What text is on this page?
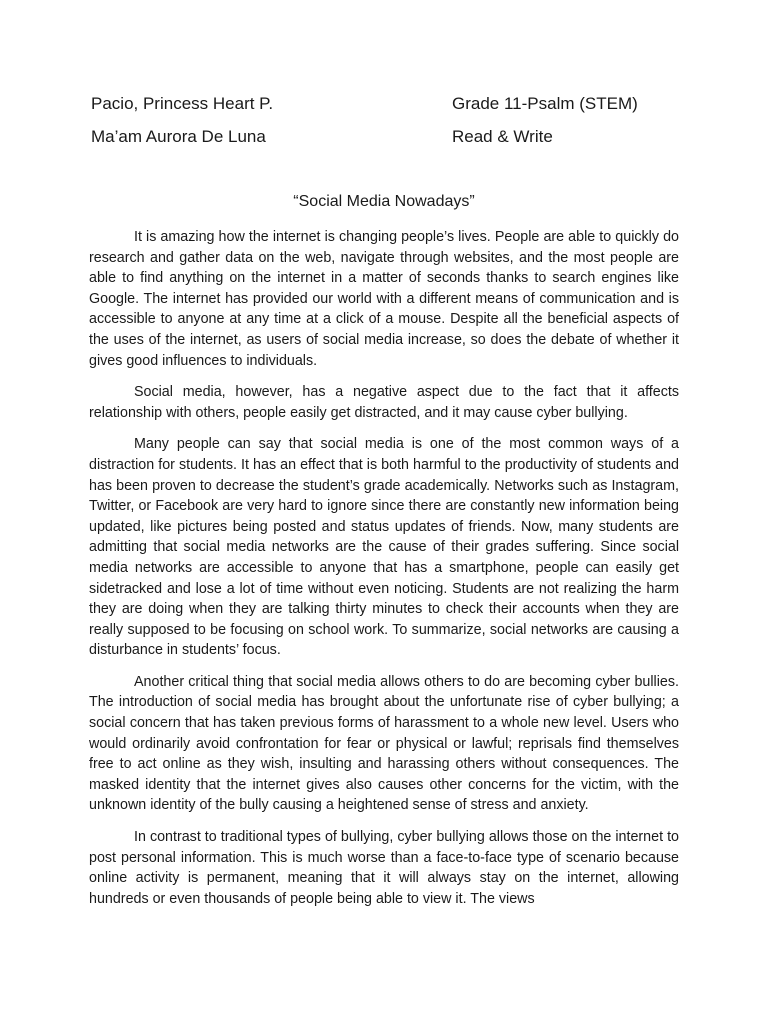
Pacio, Princess Heart P.	Grade 11-Psalm (STEM)
Ma’am Aurora De Luna	Read & Write
“Social Media Nowadays”

It is amazing how the internet is changing people’s lives. People are able to quickly do research and gather data on the web, navigate through websites, and the most people are able to find anything on the internet in a matter of seconds thanks to search engines like Google. The internet has provided our world with a different means of communication and is accessible to anyone at any time at a click of a mouse. Despite all the beneficial aspects of the uses of the internet, as users of social media increase, so does the debate of whether it gives good influences to individuals.

Social media, however, has a negative aspect due to the fact that it affects relationship with others, people easily get distracted, and it may cause cyber bullying.

Many people can say that social media is one of the most common ways of a distraction for students. It has an effect that is both harmful to the productivity of students and has been proven to decrease the student’s grade academically. Networks such as Instagram, Twitter, or Facebook are very hard to ignore since there are constantly new information being updated, like pictures being posted and status updates of friends. Now, many students are admitting that social media networks are the cause of their grades suffering. Since social media networks are accessible to anyone that has a smartphone, people can easily get sidetracked and lose a lot of time without even noticing. Students are not realizing the harm they are doing when they are talking thirty minutes to check their accounts when they are really supposed to be focusing on school work. To summarize, social networks are causing a disturbance in students’ focus.

Another critical thing that social media allows others to do are becoming cyber bullies. The introduction of social media has brought about the unfortunate rise of cyber bullying; a social concern that has taken previous forms of harassment to a whole new level. Users who would ordinarily avoid confrontation for fear or physical or lawful; reprisals find themselves free to act online as they wish, insulting and harassing others without consequences. The masked identity that the internet gives also causes other concerns for the victim, with the unknown identity of the bully causing a heightened sense of stress and anxiety.

In contrast to traditional types of bullying, cyber bullying allows those on the internet to post personal information. This is much worse than a face-to-face type of scenario because online activity is permanent, meaning that it will always stay on the internet, allowing hundreds or even thousands of people being able to view it. The views
